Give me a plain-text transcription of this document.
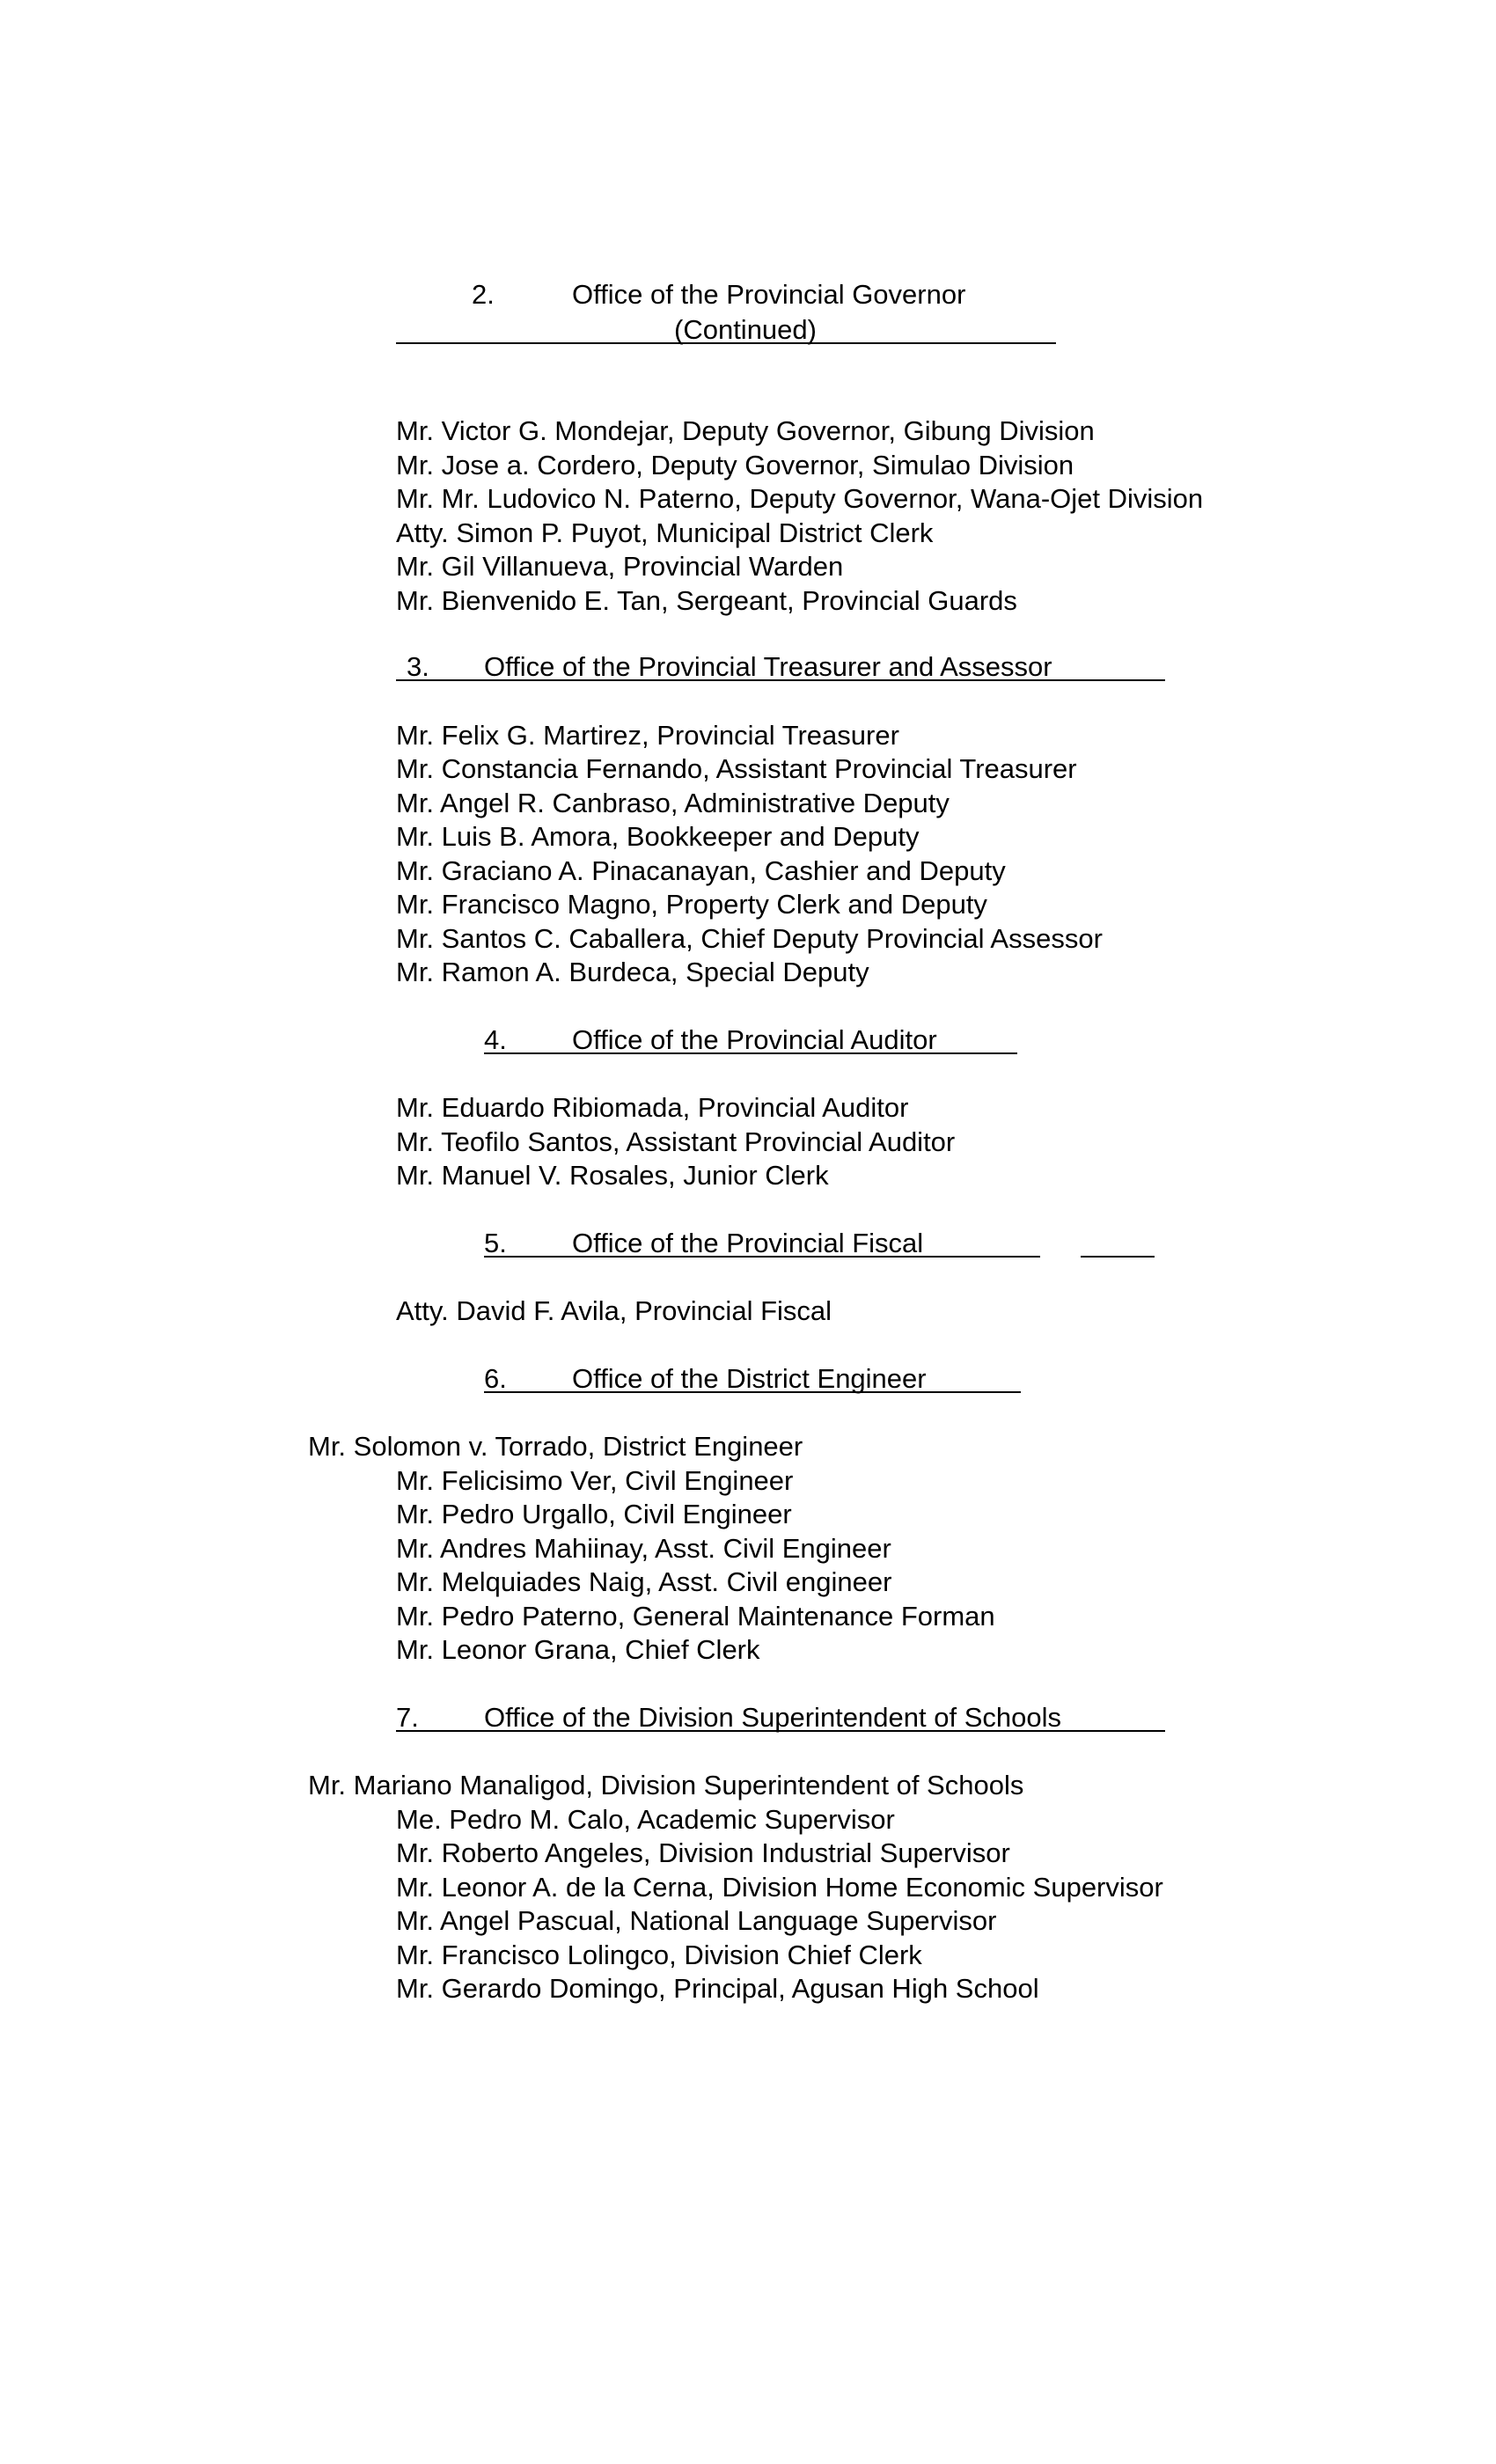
2.	Office of the Provincial Governor
(Continued)
Mr. Victor G. Mondejar, Deputy Governor, Gibung Division
Mr. Jose a. Cordero, Deputy Governor, Simulao Division
Mr. Mr. Ludovico N. Paterno, Deputy Governor, Wana-Ojet Division
Atty. Simon P. Puyot, Municipal District Clerk
Mr. Gil Villanueva, Provincial Warden
Mr. Bienvenido E. Tan, Sergeant, Provincial Guards
3. Office of the Provincial Treasurer and Assessor
Mr. Felix G. Martirez, Provincial Treasurer
Mr. Constancia Fernando, Assistant Provincial Treasurer
Mr. Angel R. Canbraso, Administrative Deputy
Mr. Luis B. Amora, Bookkeeper and Deputy
Mr. Graciano A. Pinacanayan, Cashier and Deputy
Mr. Francisco Magno, Property Clerk and Deputy
Mr. Santos C. Caballera, Chief Deputy Provincial Assessor
Mr. Ramon A. Burdeca, Special Deputy
4. Office of the Provincial Auditor
Mr. Eduardo Ribiomada, Provincial Auditor
Mr. Teofilo Santos, Assistant Provincial Auditor
Mr. Manuel V. Rosales, Junior Clerk
5. Office of the Provincial Fiscal
Atty. David F. Avila, Provincial Fiscal
6. Office of the District Engineer
Mr. Solomon v. Torrado, District Engineer
Mr. Felicisimo Ver, Civil Engineer
Mr. Pedro Urgallo, Civil Engineer
Mr. Andres Mahiinay, Asst. Civil Engineer
Mr. Melquiades Naig, Asst. Civil engineer
Mr. Pedro Paterno, General Maintenance Forman
Mr. Leonor Grana, Chief Clerk
7. Office of the Division Superintendent of Schools
Mr. Mariano Manaligod, Division Superintendent of Schools
Me. Pedro M. Calo, Academic Supervisor
Mr. Roberto Angeles, Division Industrial Supervisor
Mr. Leonor A. de la Cerna, Division Home Economic Supervisor
Mr. Angel Pascual, National Language Supervisor
Mr. Francisco Lolingco, Division Chief Clerk
Mr. Gerardo Domingo, Principal, Agusan High School
